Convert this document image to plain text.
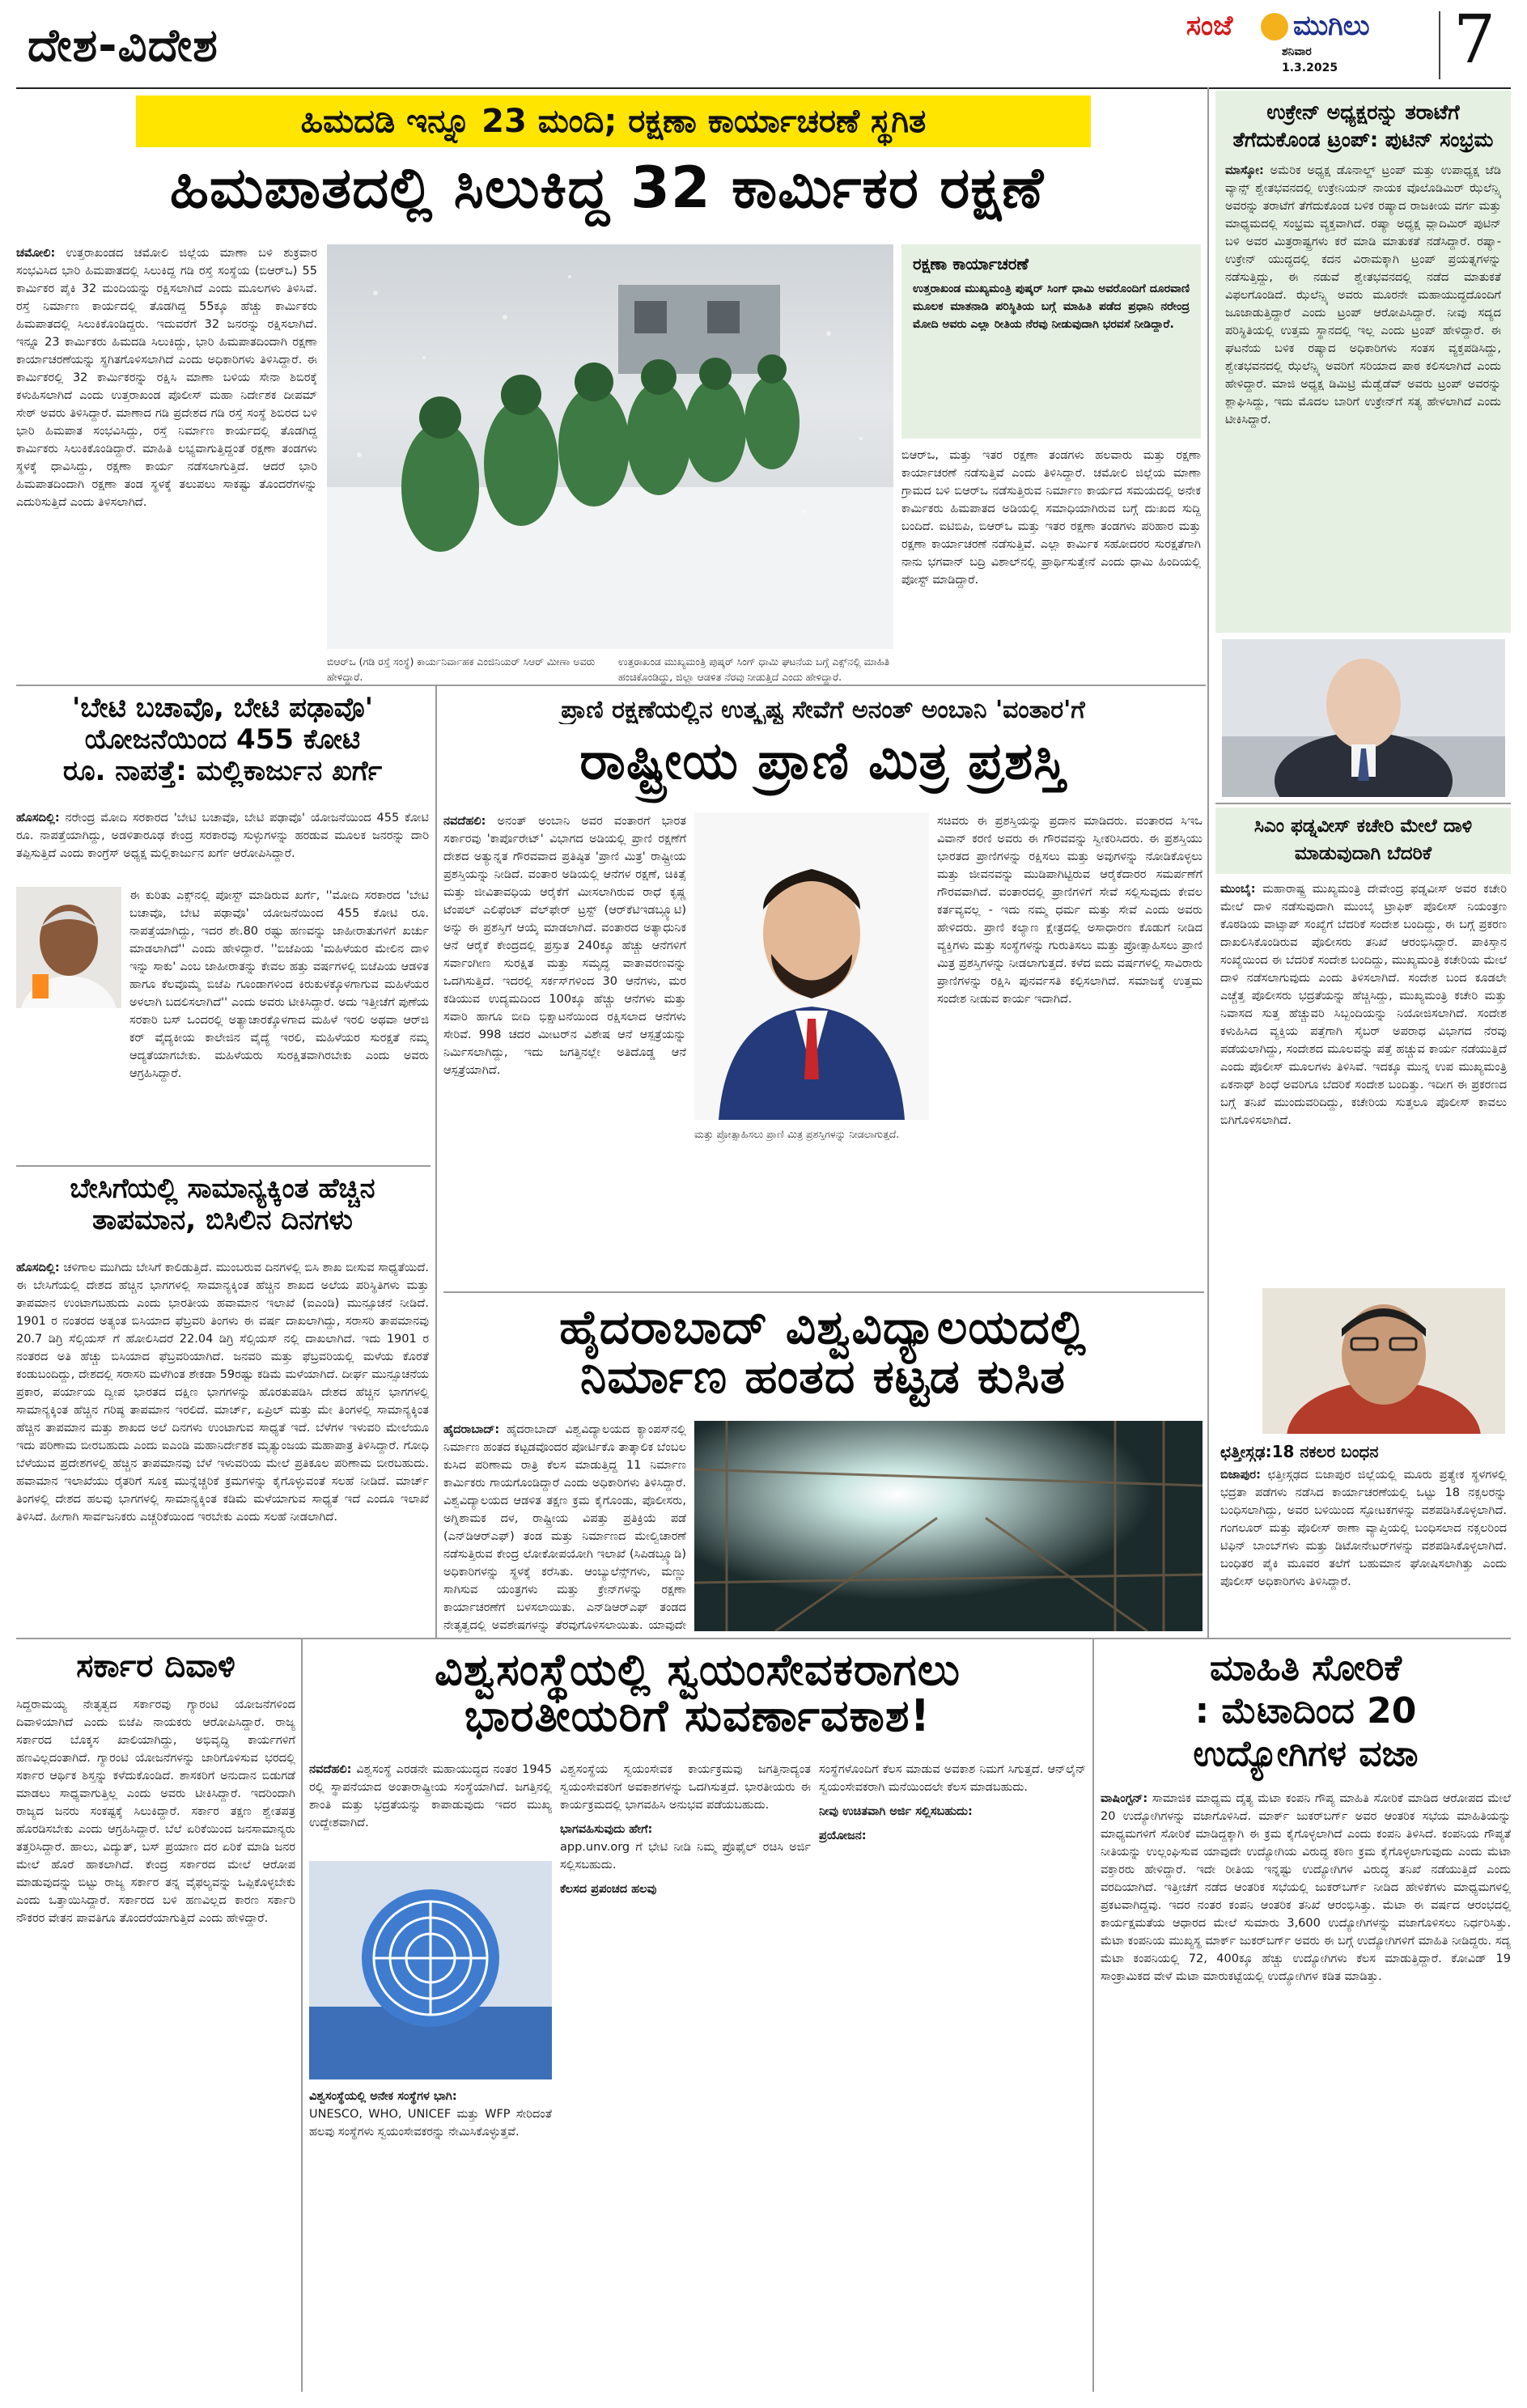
ದೇಶ-ವಿದೇಶ	ಸಂಜೆ ಮುಗಿಲು
ಶನಿವಾರ
1.3.2025 7
ಹಿಮದಡಿ ಇನ್ನೂ 23 ಮಂದಿ; ರಕ್ಷಣಾ ಕಾರ್ಯಾಚರಣೆ ಸ್ಥಗಿತ
ಹಿಮಪಾತದಲ್ಲಿ ಸಿಲುಕಿದ್ದ 32 ಕಾರ್ಮಿಕರ ರಕ್ಷಣೆ
ಚಮೋಲಿ: ಉತ್ತರಾಖಂಡದ ಚಮೋಲಿ ಜಿಲ್ಲೆಯ ಮಾಣಾ ಬಳಿ ಶುಕ್ರವಾರ ಸಂಭವಿಸಿದ ಭಾರಿ ಹಿಮಪಾತದಲ್ಲಿ ಸಿಲುಕಿದ್ದ ಗಡಿ ರಸ್ತೆ ಸಂಸ್ಥೆಯ (ಬಿಆರ್‌ಒ) 55 ಕಾರ್ಮಿಕರ ಪೈಕಿ 32 ಮಂದಿಯನ್ನು ರಕ್ಷಿಸಲಾಗಿದೆ ಎಂದು ಮೂಲಗಳು ತಿಳಿಸಿವೆ. ರಸ್ತೆ ನಿರ್ಮಾಣ ಕಾರ್ಯದಲ್ಲಿ ತೊಡಗಿದ್ದ 55ಕ್ಕೂ ಹೆಚ್ಚು ಕಾರ್ಮಿಕರು ಹಿಮಪಾತದಲ್ಲಿ ಸಿಲುಕಿಕೊಂಡಿದ್ದರು. ಇದುವರೆಗೆ 32 ಜನರನ್ನು ರಕ್ಷಿಸಲಾಗಿದೆ. ಇನ್ನೂ 23 ಕಾರ್ಮಿಕರು ಹಿಮದಡಿ ಸಿಲುಕಿದ್ದು, ಭಾರಿ ಹಿಮಪಾತದಿಂದಾಗಿ ರಕ್ಷಣಾ ಕಾರ್ಯಾಚರಣೆಯನ್ನು ಸ್ಥಗಿತಗೊಳಿಸಲಾಗಿದೆ ಎಂದು ಅಧಿಕಾರಿಗಳು ತಿಳಿಸಿದ್ದಾರೆ. ಈ ಕಾರ್ಮಿಕರಲ್ಲಿ 32 ಕಾರ್ಮಿಕರನ್ನು ರಕ್ಷಿಸಿ ಮಾಣಾ ಬಳಿಯ ಸೇನಾ ಶಿಬಿರಕ್ಕೆ ಕಳುಹಿಸಲಾಗಿದೆ ಎಂದು ಉತ್ತರಾಖಂಡ ಪೊಲೀಸ್ ಮಹಾ ನಿರ್ದೇಶಕ ದೀಪಮ್ ಸೇಠ್ ಅವರು ತಿಳಿಸಿದ್ದಾರೆ. ಮಾಣಾದ ಗಡಿ ಪ್ರದೇಶದ ಗಡಿ ರಸ್ತೆ ಸಂಸ್ಥೆ ಶಿಬಿರದ ಬಳಿ ಭಾರಿ ಹಿಮಪಾತ ಸಂಭವಿಸಿದ್ದು, ರಸ್ತೆ ನಿರ್ಮಾಣ ಕಾರ್ಯದಲ್ಲಿ ತೊಡಗಿದ್ದ ಕಾರ್ಮಿಕರು ಸಿಲುಕಿಕೊಂಡಿದ್ದಾರೆ. ಮಾಹಿತಿ ಲಭ್ಯವಾಗುತ್ತಿದ್ದಂತೆ ರಕ್ಷಣಾ ತಂಡಗಳು ಸ್ಥಳಕ್ಕೆ ಧಾವಿಸಿದ್ದು, ರಕ್ಷಣಾ ಕಾರ್ಯ ನಡೆಸಲಾಗುತ್ತಿದೆ. ಆದರೆ ಭಾರಿ ಹಿಮಪಾತದಿಂದಾಗಿ ರಕ್ಷಣಾ ತಂಡ ಸ್ಥಳಕ್ಕೆ ತಲುಪಲು ಸಾಕಷ್ಟು ತೊಂದರೆಗಳನ್ನು ಎದುರಿಸುತ್ತಿದೆ ಎಂದು ತಿಳಿಸಲಾಗಿದೆ.
ಬಿಆರ್‌ಒ (ಗಡಿ ರಸ್ತೆ ಸಂಸ್ಥೆ) ಕಾರ್ಯನಿರ್ವಾಹಕ ಎಂಜಿನಿಯರ್ ಸಿಆರ್ ಮೀಣಾ ಅವರು ಹೇಳಿದ್ದಾರೆ.
ಉತ್ತರಾಖಂಡ ಮುಖ್ಯಮಂತ್ರಿ ಪುಷ್ಕರ್ ಸಿಂಗ್ ಧಾಮಿ ಘಟನೆಯ ಬಗ್ಗೆ ಎಕ್ಸ್‌ನಲ್ಲಿ ಮಾಹಿತಿ ಹಂಚಿಕೊಂಡಿದ್ದು, ಜಿಲ್ಲಾ ಆಡಳಿತ ನೆರವು ನೀಡುತ್ತಿದೆ ಎಂದು ಹೇಳಿದ್ದಾರೆ.
ರಕ್ಷಣಾ ಕಾರ್ಯಾಚರಣೆ
ಉತ್ತರಾಖಂಡ ಮುಖ್ಯಮಂತ್ರಿ ಪುಷ್ಕರ್ ಸಿಂಗ್ ಧಾಮಿ ಅವರೊಂದಿಗೆ ದೂರವಾಣಿ ಮೂಲಕ ಮಾತನಾಡಿ ಪರಿಸ್ಥಿತಿಯ ಬಗ್ಗೆ ಮಾಹಿತಿ ಪಡೆದ ಪ್ರಧಾನಿ ನರೇಂದ್ರ ಮೋದಿ ಅವರು ಎಲ್ಲಾ ರೀತಿಯ ನೆರವು ನೀಡುವುದಾಗಿ ಭರವಸೆ ನೀಡಿದ್ದಾರೆ.
ಬಿಆರ್‌ಒ, ಮತ್ತು ಇತರ ರಕ್ಷಣಾ ತಂಡಗಳು ಹಲವಾರು ಮತ್ತು ರಕ್ಷಣಾ ಕಾರ್ಯಾಚರಣೆ ನಡೆಸುತ್ತಿವೆ ಎಂದು ತಿಳಿಸಿದ್ದಾರೆ. ಚಮೋಲಿ ಜಿಲ್ಲೆಯ ಮಾಣಾ ಗ್ರಾಮದ ಬಳಿ ಬಿಆರ್‌ಒ ನಡೆಸುತ್ತಿರುವ ನಿರ್ಮಾಣ ಕಾರ್ಯದ ಸಮಯದಲ್ಲಿ ಅನೇಕ ಕಾರ್ಮಿಕರು ಹಿಮಪಾತದ ಅಡಿಯಲ್ಲಿ ಸಮಾಧಿಯಾಗಿರುವ ಬಗ್ಗೆ ದುಃಖದ ಸುದ್ದಿ ಬಂದಿದೆ. ಐಟಿಬಿಪಿ, ಬಿಆರ್‌ಒ ಮತ್ತು ಇತರ ರಕ್ಷಣಾ ತಂಡಗಳು ಪರಿಹಾರ ಮತ್ತು ರಕ್ಷಣಾ ಕಾರ್ಯಾಚರಣೆ ನಡೆಸುತ್ತಿವೆ. ಎಲ್ಲಾ ಕಾರ್ಮಿಕ ಸಹೋದರರ ಸುರಕ್ಷತೆಗಾಗಿ ನಾನು ಭಗವಾನ್ ಬದ್ರಿ ವಿಶಾಲ್‌ನಲ್ಲಿ ಪ್ರಾರ್ಥಿಸುತ್ತೇನೆ ಎಂದು ಧಾಮಿ ಹಿಂದಿಯಲ್ಲಿ ಪೋಸ್ಟ್ ಮಾಡಿದ್ದಾರೆ.
ಉಕ್ರೇನ್ ಅಧ್ಯಕ್ಷರನ್ನು ತರಾಟೆಗೆ ತೆಗೆದುಕೊಂಡ ಟ್ರಂಪ್: ಪುಟಿನ್ ಸಂಭ್ರಮ
ಮಾಸ್ಕೋ: ಅಮೆರಿಕ ಅಧ್ಯಕ್ಷ ಡೊನಾಲ್ಡ್ ಟ್ರಂಪ್ ಮತ್ತು ಉಪಾಧ್ಯಕ್ಷ ಜೆಡಿ ವ್ಯಾನ್ಸ್ ಶ್ವೇತಭವನದಲ್ಲಿ ಉಕ್ರೇನಿಯನ್ ನಾಯಕ ವೊಲೊಡಿಮಿರ್ ಝೆಲೆನ್ಸ್ಕಿ ಅವರನ್ನು ತರಾಟೆಗೆ ತೆಗೆದುಕೊಂಡ ಬಳಿಕ ರಷ್ಯಾದ ರಾಜಕೀಯ ವರ್ಗ ಮತ್ತು ಮಾಧ್ಯಮದಲ್ಲಿ ಸಂಭ್ರಮ ವ್ಯಕ್ತವಾಗಿದೆ. ರಷ್ಯಾ ಅಧ್ಯಕ್ಷ ವ್ಲಾದಿಮಿರ್ ಪುಟಿನ್ ಬಳಿ ಅವರ ಮಿತ್ರರಾಷ್ಟ್ರಗಳು ಕರೆ ಮಾಡಿ ಮಾತುಕತೆ ನಡೆಸಿದ್ದಾರೆ. ರಷ್ಯಾ-ಉಕ್ರೇನ್ ಯುದ್ಧದಲ್ಲಿ ಕದನ ವಿರಾಮಕ್ಕಾಗಿ ಟ್ರಂಪ್ ಪ್ರಯತ್ನಗಳನ್ನು ನಡೆಸುತ್ತಿದ್ದು, ಈ ನಡುವೆ ಶ್ವೇತಭವನದಲ್ಲಿ ನಡೆದ ಮಾತುಕತೆ ವಿಫಲಗೊಂಡಿದೆ. ಝೆಲೆನ್ಸ್ಕಿ ಅವರು ಮೂರನೇ ಮಹಾಯುದ್ಧದೊಂದಿಗೆ ಜೂಜಾಡುತ್ತಿದ್ದಾರೆ ಎಂದು ಟ್ರಂಪ್ ಆರೋಪಿಸಿದ್ದಾರೆ. ನೀವು ಸದ್ಯದ ಪರಿಸ್ಥಿತಿಯಲ್ಲಿ ಉತ್ತಮ ಸ್ಥಾನದಲ್ಲಿ ಇಲ್ಲ ಎಂದು ಟ್ರಂಪ್ ಹೇಳಿದ್ದಾರೆ. ಈ ಘಟನೆಯ ಬಳಿಕ ರಷ್ಯಾದ ಅಧಿಕಾರಿಗಳು ಸಂತಸ ವ್ಯಕ್ತಪಡಿಸಿದ್ದು, ಶ್ವೇತಭವನದಲ್ಲಿ ಝೆಲೆನ್ಸ್ಕಿ ಅವರಿಗೆ ಸರಿಯಾದ ಪಾಠ ಕಲಿಸಲಾಗಿದೆ ಎಂದು ಹೇಳಿದ್ದಾರೆ. ಮಾಜಿ ಅಧ್ಯಕ್ಷ ಡಿಮಿಟ್ರಿ ಮೆಡ್ವೆಡೆವ್ ಅವರು ಟ್ರಂಪ್ ಅವರನ್ನು ಶ್ಲಾಘಿಸಿದ್ದು, ಇದು ಮೊದಲ ಬಾರಿಗೆ ಉಕ್ರೇನ್‌ಗೆ ಸತ್ಯ ಹೇಳಲಾಗಿದೆ ಎಂದು ಟೀಕಿಸಿದ್ದಾರೆ.
ಸಿಎಂ ಫಡ್ನವೀಸ್ ಕಚೇರಿ ಮೇಲೆ ದಾಳಿ ಮಾಡುವುದಾಗಿ ಬೆದರಿಕೆ
ಮುಂಬೈ: ಮಹಾರಾಷ್ಟ್ರ ಮುಖ್ಯಮಂತ್ರಿ ದೇವೇಂದ್ರ ಫಡ್ನವೀಸ್ ಅವರ ಕಚೇರಿ ಮೇಲೆ ದಾಳಿ ನಡೆಸುವುದಾಗಿ ಮುಂಬೈ ಟ್ರಾಫಿಕ್ ಪೊಲೀಸ್ ನಿಯಂತ್ರಣ ಕೊಠಡಿಯ ವಾಟ್ಸಾಪ್ ಸಂಖ್ಯೆಗೆ ಬೆದರಿಕೆ ಸಂದೇಶ ಬಂದಿದ್ದು, ಈ ಬಗ್ಗೆ ಪ್ರಕರಣ ದಾಖಲಿಸಿಕೊಂಡಿರುವ ಪೊಲೀಸರು ತನಿಖೆ ಆರಂಭಿಸಿದ್ದಾರೆ. ಪಾಕಿಸ್ತಾನ ಸಂಖ್ಯೆಯಿಂದ ಈ ಬೆದರಿಕೆ ಸಂದೇಶ ಬಂದಿದ್ದು, ಮುಖ್ಯಮಂತ್ರಿ ಕಚೇರಿಯ ಮೇಲೆ ದಾಳಿ ನಡೆಸಲಾಗುವುದು ಎಂದು ತಿಳಿಸಲಾಗಿದೆ. ಸಂದೇಶ ಬಂದ ಕೂಡಲೇ ಎಚ್ಚೆತ್ತ ಪೊಲೀಸರು ಭದ್ರತೆಯನ್ನು ಹೆಚ್ಚಿಸಿದ್ದು, ಮುಖ್ಯಮಂತ್ರಿ ಕಚೇರಿ ಮತ್ತು ನಿವಾಸದ ಸುತ್ತ ಹೆಚ್ಚುವರಿ ಸಿಬ್ಬಂದಿಯನ್ನು ನಿಯೋಜಿಸಲಾಗಿದೆ. ಸಂದೇಶ ಕಳುಹಿಸಿದ ವ್ಯಕ್ತಿಯ ಪತ್ತೆಗಾಗಿ ಸೈಬರ್ ಅಪರಾಧ ವಿಭಾಗದ ನೆರವು ಪಡೆಯಲಾಗಿದ್ದು, ಸಂದೇಶದ ಮೂಲವನ್ನು ಪತ್ತೆ ಹಚ್ಚುವ ಕಾರ್ಯ ನಡೆಯುತ್ತಿದೆ ಎಂದು ಪೊಲೀಸ್ ಮೂಲಗಳು ತಿಳಿಸಿವೆ. ಇದಕ್ಕೂ ಮುನ್ನ ಉಪ ಮುಖ್ಯಮಂತ್ರಿ ಏಕನಾಥ್ ಶಿಂಧೆ ಅವರಿಗೂ ಬೆದರಿಕೆ ಸಂದೇಶ ಬಂದಿತ್ತು. ಇದೀಗ ಈ ಪ್ರಕರಣದ ಬಗ್ಗೆ ತನಿಖೆ ಮುಂದುವರಿದಿದ್ದು, ಕಚೇರಿಯ ಸುತ್ತಲೂ ಪೊಲೀಸ್ ಕಾವಲು ಬಿಗಿಗೊಳಿಸಲಾಗಿದೆ.
ಛತ್ತೀಸ್ಗಢ:18 ನಕಲರ ಬಂಧನ
ಬಿಜಾಪುರ: ಛತ್ತೀಸ್ಗಢದ ಬಿಜಾಪುರ ಜಿಲ್ಲೆಯಲ್ಲಿ ಮೂರು ಪ್ರತ್ಯೇಕ ಸ್ಥಳಗಳಲ್ಲಿ ಭದ್ರತಾ ಪಡೆಗಳು ನಡೆಸಿದ ಕಾರ್ಯಾಚರಣೆಯಲ್ಲಿ ಒಟ್ಟು 18 ನಕ್ಸಲರನ್ನು ಬಂಧಿಸಲಾಗಿದ್ದು, ಅವರ ಬಳಿಯಿಂದ ಸ್ಫೋಟಕಗಳನ್ನು ವಶಪಡಿಸಿಕೊಳ್ಳಲಾಗಿದೆ. ಗಂಗಲೂರ್ ಮತ್ತು ಪೊಲೀಸ್ ಠಾಣಾ ವ್ಯಾಪ್ತಿಯಲ್ಲಿ ಬಂಧಿಸಲಾದ ನಕ್ಸಲರಿಂದ ಟಿಫಿನ್ ಬಾಂಬ್‌ಗಳು ಮತ್ತು ಡಿಟೋನೇಟರ್‌ಗಳನ್ನು ವಶಪಡಿಸಿಕೊಳ್ಳಲಾಗಿದೆ. ಬಂಧಿತರ ಪೈಕಿ ಮೂವರ ತಲೆಗೆ ಬಹುಮಾನ ಘೋಷಿಸಲಾಗಿತ್ತು ಎಂದು ಪೊಲೀಸ್ ಅಧಿಕಾರಿಗಳು ತಿಳಿಸಿದ್ದಾರೆ.
'ಬೇಟಿ ಬಚಾವೊ, ಬೇಟಿ ಪಢಾವೊ'
ಯೋಜನೆಯಿಂದ 455 ಕೋಟಿ
ರೂ. ನಾಪತ್ತೆ: ಮಲ್ಲಿಕಾರ್ಜುನ ಖರ್ಗೆ
ಹೊಸದಿಲ್ಲಿ: ನರೇಂದ್ರ ಮೋದಿ ಸರಕಾರದ 'ಬೇಟಿ ಬಚಾವೊ, ಬೇಟಿ ಪಢಾವೊ' ಯೋಜನೆಯಿಂದ 455 ಕೋಟಿ ರೂ. ನಾಪತ್ತೆಯಾಗಿದ್ದು, ಅಡಳಿತಾರೂಢ ಕೇಂದ್ರ ಸರಕಾರವು ಸುಳ್ಳುಗಳನ್ನು ಹರಡುವ ಮೂಲಕ ಜನರನ್ನು ದಾರಿ ತಪ್ಪಿಸುತ್ತಿದೆ ಎಂದು ಕಾಂಗ್ರೆಸ್ ಅಧ್ಯಕ್ಷ ಮಲ್ಲಿಕಾರ್ಜುನ ಖರ್ಗೆ ಆರೋಪಿಸಿದ್ದಾರೆ.
ಈ ಕುರಿತು ಎಕ್ಸ್‌ನಲ್ಲಿ ಪೋಸ್ಟ್ ಮಾಡಿರುವ ಖರ್ಗೆ, ''ಮೋದಿ ಸರಕಾರದ 'ಬೇಟಿ ಬಚಾವೊ, ಬೇಟಿ ಪಢಾವೊ' ಯೋಜನೆಯಿಂದ 455 ಕೋಟಿ ರೂ. ನಾಪತ್ತೆಯಾಗಿದ್ದು, ಇದರ ಶೇ.80 ರಷ್ಟು ಹಣವನ್ನು ಜಾಹೀರಾತುಗಳಿಗೆ ಖರ್ಚು ಮಾಡಲಾಗಿದೆ'' ಎಂದು ಹೇಳಿದ್ದಾರೆ. ''ಬಿಜೆಪಿಯ 'ಮಹಿಳೆಯರ ಮೇಲಿನ ದಾಳಿ ಇನ್ನು ಸಾಕು' ಎಂಬ ಜಾಹೀರಾತನ್ನು ಕೇವಲ ಹತ್ತು ವರ್ಷಗಳಲ್ಲಿ ಬಿಜೆಪಿಯ ಆಡಳಿತ ಹಾಗೂ ಕೆಲವೊಮ್ಮೆ ಬಿಜೆಪಿ ಗೂಂಡಾಗಳಿಂದ ಕಿರುಕುಳಕ್ಕೊಳಗಾಗುವ ಮಹಿಳೆಯರ ಅಳಲಾಗಿ ಬದಲಿಸಲಾಗಿದೆ'' ಎಂದು ಅವರು ಟೀಕಿಸಿದ್ದಾರೆ. ಅದು ಇತ್ತೀಚೆಗೆ ಪುಣೆಯ ಸರಕಾರಿ ಬಸ್ ಒಂದರಲ್ಲಿ ಅತ್ಯಾಚಾರಕ್ಕೊಳಗಾದ ಮಹಿಳೆ ಇರಲಿ ಅಥವಾ ಆರ್‌ಜಿ ಕರ್ ವೈದ್ಯಕೀಯ ಕಾಲೇಜಿನ ವೈದ್ಯೆ ಇರಲಿ, ಮಹಿಳೆಯರ ಸುರಕ್ಷತೆ ನಮ್ಮ ಆದ್ಯತೆಯಾಗಬೇಕು. ಮಹಿಳೆಯರು ಸುರಕ್ಷಿತವಾಗಿರಬೇಕು ಎಂದು ಅವರು ಆಗ್ರಹಿಸಿದ್ದಾರೆ.
ಬೇಸಿಗೆಯಲ್ಲಿ ಸಾಮಾನ್ಯಕ್ಕಿಂತ ಹೆಚ್ಚಿನ
ತಾಪಮಾನ, ಬಿಸಿಲಿನ ದಿನಗಳು
ಹೊಸದಿಲ್ಲಿ: ಚಳಿಗಾಲ ಮುಗಿದು ಬೇಸಿಗೆ ಕಾಲಿಡುತ್ತಿದೆ. ಮುಂಬರುವ ದಿನಗಳಲ್ಲಿ ಬಿಸಿ ಶಾಖ ಬೀಸುವ ಸಾಧ್ಯತೆಯಿದೆ. ಈ ಬೇಸಿಗೆಯಲ್ಲಿ ದೇಶದ ಹೆಚ್ಚಿನ ಭಾಗಗಳಲ್ಲಿ ಸಾಮಾನ್ಯಕ್ಕಿಂತ ಹೆಚ್ಚಿನ ಶಾಖದ ಅಲೆಯ ಪರಿಸ್ಥಿತಿಗಳು ಮತ್ತು ತಾಪಮಾನ ಉಂಟಾಗಬಹುದು ಎಂದು ಭಾರತೀಯ ಹವಾಮಾನ ಇಲಾಖೆ (ಐಎಂಡಿ) ಮುನ್ಸೂಚನೆ ನೀಡಿದೆ. 1901 ರ ನಂತರದ ಅತ್ಯಂತ ಬಿಸಿಯಾದ ಫೆಬ್ರವರಿ ತಿಂಗಳು ಈ ವರ್ಷ ದಾಖಲಾಗಿದ್ದು, ಸರಾಸರಿ ತಾಪಮಾನವು 20.7 ಡಿಗ್ರಿ ಸೆಲ್ಸಿಯಸ್ ಗೆ ಹೋಲಿಸಿದರೆ 22.04 ಡಿಗ್ರಿ ಸೆಲ್ಸಿಯಸ್ ನಲ್ಲಿ ದಾಖಲಾಗಿದೆ. ಇದು 1901 ರ ನಂತರದ ಅತಿ ಹೆಚ್ಚು ಬಿಸಿಯಾದ ಫೆಬ್ರವರಿಯಾಗಿದೆ. ಜನವರಿ ಮತ್ತು ಫೆಬ್ರವರಿಯಲ್ಲಿ ಮಳೆಯ ಕೊರತೆ ಕಂಡುಬಂದಿದ್ದು, ದೇಶದಲ್ಲಿ ಸರಾಸರಿ ಮಳೆಗಿಂತ ಶೇಕಡಾ 59ರಷ್ಟು ಕಡಿಮೆ ಮಳೆಯಾಗಿದೆ. ದೀರ್ಘ ಮುನ್ಸೂಚನೆಯ ಪ್ರಕಾರ, ಪರ್ಯಾಯ ದ್ವೀಪ ಭಾರತದ ದಕ್ಷಿಣ ಭಾಗಗಳನ್ನು ಹೊರತುಪಡಿಸಿ ದೇಶದ ಹೆಚ್ಚಿನ ಭಾಗಗಳಲ್ಲಿ ಸಾಮಾನ್ಯಕ್ಕಿಂತ ಹೆಚ್ಚಿನ ಗರಿಷ್ಠ ತಾಪಮಾನ ಇರಲಿದೆ. ಮಾರ್ಚ್, ಏಪ್ರಿಲ್ ಮತ್ತು ಮೇ ತಿಂಗಳಲ್ಲಿ ಸಾಮಾನ್ಯಕ್ಕಿಂತ ಹೆಚ್ಚಿನ ತಾಪಮಾನ ಮತ್ತು ಶಾಖದ ಅಲೆ ದಿನಗಳು ಉಂಟಾಗುವ ಸಾಧ್ಯತೆ ಇದೆ. ಬೆಳೆಗಳ ಇಳುವರಿ ಮೇಲೆಯೂ ಇದು ಪರಿಣಾಮ ಬೀರಬಹುದು ಎಂದು ಐಎಂಡಿ ಮಹಾನಿರ್ದೇಶಕ ಮೃತ್ಯುಂಜಯ ಮಹಾಪಾತ್ರ ತಿಳಿಸಿದ್ದಾರೆ. ಗೋಧಿ ಬೆಳೆಯುವ ಪ್ರದೇಶಗಳಲ್ಲಿ ಹೆಚ್ಚಿನ ತಾಪಮಾನವು ಬೆಳೆ ಇಳುವರಿಯ ಮೇಲೆ ಪ್ರತಿಕೂಲ ಪರಿಣಾಮ ಬೀರಬಹುದು. ಹವಾಮಾನ ಇಲಾಖೆಯು ರೈತರಿಗೆ ಸೂಕ್ತ ಮುನ್ನೆಚ್ಚರಿಕೆ ಕ್ರಮಗಳನ್ನು ಕೈಗೊಳ್ಳುವಂತೆ ಸಲಹೆ ನೀಡಿದೆ. ಮಾರ್ಚ್ ತಿಂಗಳಲ್ಲಿ ದೇಶದ ಹಲವು ಭಾಗಗಳಲ್ಲಿ ಸಾಮಾನ್ಯಕ್ಕಿಂತ ಕಡಿಮೆ ಮಳೆಯಾಗುವ ಸಾಧ್ಯತೆ ಇದೆ ಎಂದೂ ಇಲಾಖೆ ತಿಳಿಸಿದೆ. ಹೀಗಾಗಿ ಸಾರ್ವಜನಿಕರು ಎಚ್ಚರಿಕೆಯಿಂದ ಇರಬೇಕು ಎಂದು ಸಲಹೆ ನೀಡಲಾಗಿದೆ.
ಪ್ರಾಣಿ ರಕ್ಷಣೆಯಲ್ಲಿನ ಉತ್ಕೃಷ್ಟ ಸೇವೆಗೆ ಅನಂತ್ ಅಂಬಾನಿ 'ವಂತಾರ'ಗೆ
ರಾಷ್ಟ್ರೀಯ ಪ್ರಾಣಿ ಮಿತ್ರ ಪ್ರಶಸ್ತಿ
ನವದೆಹಲಿ: ಅನಂತ್ ಅಂಬಾನಿ ಅವರ ವಂತಾರಗೆ ಭಾರತ ಸರ್ಕಾರವು 'ಕಾರ್ಪೊರೇಟ್' ವಿಭಾಗದ ಅಡಿಯಲ್ಲಿ ಪ್ರಾಣಿ ರಕ್ಷಣೆಗೆ ದೇಶದ ಅತ್ಯುನ್ನತ ಗೌರವವಾದ ಪ್ರತಿಷ್ಠಿತ 'ಪ್ರಾಣಿ ಮಿತ್ರ' ರಾಷ್ಟ್ರೀಯ ಪ್ರಶಸ್ತಿಯನ್ನು ನೀಡಿದೆ. ವಂತಾರ ಅಡಿಯಲ್ಲಿ ಆನೆಗಳ ರಕ್ಷಣೆ, ಚಿಕಿತ್ಸೆ ಮತ್ತು ಜೀವಿತಾವಧಿಯ ಆರೈಕೆಗೆ ಮೀಸಲಾಗಿರುವ ರಾಧೆ ಕೃಷ್ಣ ಟೆಂಪಲ್ ಎಲಿಫೆಂಟ್ ವೆಲ್‌ಫೇರ್ ಟ್ರಸ್ಟ್ (ಆರ್‌ಕೆಟಿಇಡಬ್ಲ್ಯೂಟಿ) ಅನ್ನು ಈ ಪ್ರಶಸ್ತಿಗೆ ಆಯ್ಕೆ ಮಾಡಲಾಗಿದೆ. ವಂತಾರದ ಅತ್ಯಾಧುನಿಕ ಆನೆ ಆರೈಕೆ ಕೇಂದ್ರದಲ್ಲಿ ಪ್ರಸ್ತುತ 240ಕ್ಕೂ ಹೆಚ್ಚು ಆನೆಗಳಿಗೆ ಸರ್ವಾಂಗೀಣ ಸುರಕ್ಷಿತ ಮತ್ತು ಸಮೃದ್ಧ ವಾತಾವರಣವನ್ನು ಒದಗಿಸುತ್ತಿದೆ. ಇದರಲ್ಲಿ ಸರ್ಕಸ್‌ಗಳಿಂದ 30 ಆನೆಗಳು, ಮರ ಕಡಿಯುವ ಉದ್ಯಮದಿಂದ 100ಕ್ಕೂ ಹೆಚ್ಚು ಆನೆಗಳು ಮತ್ತು ಸವಾರಿ ಹಾಗೂ ಬೀದಿ ಭಿಕ್ಷಾಟನೆಯಿಂದ ರಕ್ಷಿಸಲಾದ ಆನೆಗಳು ಸೇರಿವೆ. 998 ಚದರ ಮೀಟರ್‌ನ ವಿಶೇಷ ಆನೆ ಆಸ್ಪತ್ರೆಯನ್ನು ನಿರ್ಮಿಸಲಾಗಿದ್ದು, ಇದು ಜಗತ್ತಿನಲ್ಲೇ ಅತಿದೊಡ್ಡ ಆನೆ ಆಸ್ಪತ್ರೆಯಾಗಿದೆ.
ಮತ್ತು ಪ್ರೋತ್ಸಾಹಿಸಲು ಪ್ರಾಣಿ ಮಿತ್ರ ಪ್ರಶಸ್ತಿಗಳನ್ನು ನೀಡಲಾಗುತ್ತದೆ.
ಸಚಿವರು ಈ ಪ್ರಶಸ್ತಿಯನ್ನು ಪ್ರದಾನ ಮಾಡಿದರು. ವಂತಾರದ ಸಿಇಒ ವಿವಾನ್ ಕರಣಿ ಅವರು ಈ ಗೌರವವನ್ನು ಸ್ವೀಕರಿಸಿದರು. ಈ ಪ್ರಶಸ್ತಿಯು ಭಾರತದ ಪ್ರಾಣಿಗಳನ್ನು ರಕ್ಷಿಸಲು ಮತ್ತು ಅವುಗಳನ್ನು ನೋಡಿಕೊಳ್ಳಲು ಮತ್ತು ಜೀವನವನ್ನು ಮುಡಿಪಾಗಿಟ್ಟಿರುವ ಆರೈಕೆದಾರರ ಸಮರ್ಪಣೆಗೆ ಗೌರವವಾಗಿದೆ. ವಂತಾರದಲ್ಲಿ ಪ್ರಾಣಿಗಳಿಗೆ ಸೇವೆ ಸಲ್ಲಿಸುವುದು ಕೇವಲ ಕರ್ತವ್ಯವಲ್ಲ - ಇದು ನಮ್ಮ ಧರ್ಮ ಮತ್ತು ಸೇವೆ ಎಂದು ಅವರು ಹೇಳಿದರು. ಪ್ರಾಣಿ ಕಲ್ಯಾಣ ಕ್ಷೇತ್ರದಲ್ಲಿ ಅಸಾಧಾರಣ ಕೊಡುಗೆ ನೀಡಿದ ವ್ಯಕ್ತಿಗಳು ಮತ್ತು ಸಂಸ್ಥೆಗಳನ್ನು ಗುರುತಿಸಲು ಮತ್ತು ಪ್ರೋತ್ಸಾಹಿಸಲು ಪ್ರಾಣಿ ಮಿತ್ರ ಪ್ರಶಸ್ತಿಗಳನ್ನು ನೀಡಲಾಗುತ್ತದೆ. ಕಳೆದ ಐದು ವರ್ಷಗಳಲ್ಲಿ ಸಾವಿರಾರು ಪ್ರಾಣಿಗಳನ್ನು ರಕ್ಷಿಸಿ ಪುನರ್ವಸತಿ ಕಲ್ಪಿಸಲಾಗಿದೆ. ಸಮಾಜಕ್ಕೆ ಉತ್ತಮ ಸಂದೇಶ ನೀಡುವ ಕಾರ್ಯ ಇದಾಗಿದೆ.
ಹೈದರಾಬಾದ್ ವಿಶ್ವವಿದ್ಯಾಲಯದಲ್ಲಿ
ನಿರ್ಮಾಣ ಹಂತದ ಕಟ್ಟಡ ಕುಸಿತ
ಹೈದರಾಬಾದ್: ಹೈದರಾಬಾದ್ ವಿಶ್ವವಿದ್ಯಾಲಯದ ಕ್ಯಾಂಪಸ್‌ನಲ್ಲಿ ನಿರ್ಮಾಣ ಹಂತದ ಕಟ್ಟಡವೊಂದರ ಪೋರ್ಟಿಕೊ ತಾತ್ಕಾಲಿಕ ಬೆಂಬಲ ಕುಸಿದ ಪರಿಣಾಮ ರಾತ್ರಿ ಕೆಲಸ ಮಾಡುತ್ತಿದ್ದ 11 ನಿರ್ಮಾಣ ಕಾರ್ಮಿಕರು ಗಾಯಗೊಂಡಿದ್ದಾರೆ ಎಂದು ಅಧಿಕಾರಿಗಳು ತಿಳಿಸಿದ್ದಾರೆ. ವಿಶ್ವವಿದ್ಯಾಲಯದ ಆಡಳಿತ ತಕ್ಷಣ ಕ್ರಮ ಕೈಗೊಂಡು, ಪೊಲೀಸರು, ಅಗ್ನಿಶಾಮಕ ದಳ, ರಾಷ್ಟ್ರೀಯ ವಿಪತ್ತು ಪ್ರತಿಕ್ರಿಯೆ ಪಡೆ (ಎನ್‌ಡಿಆರ್‌ಎಫ್) ತಂಡ ಮತ್ತು ನಿರ್ಮಾಣದ ಮೇಲ್ವಿಚಾರಣೆ ನಡೆಸುತ್ತಿರುವ ಕೇಂದ್ರ ಲೋಕೋಪಯೋಗಿ ಇಲಾಖೆ (ಸಿಪಿಡಬ್ಲ್ಯೂಡಿ) ಅಧಿಕಾರಿಗಳನ್ನು ಸ್ಥಳಕ್ಕೆ ಕರೆಸಿತು. ಆಂಬ್ಯುಲೆನ್ಸ್‌ಗಳು, ಮಣ್ಣು ಸಾಗಿಸುವ ಯಂತ್ರಗಳು ಮತ್ತು ಕ್ರೇನ್‌ಗಳನ್ನು ರಕ್ಷಣಾ ಕಾರ್ಯಾಚರಣೆಗೆ ಬಳಸಲಾಯಿತು. ಎನ್‌ಡಿಆರ್‌ಎಫ್ ತಂಡದ ನೇತೃತ್ವದಲ್ಲಿ ಅವಶೇಷಗಳನ್ನು ತೆರವುಗೊಳಿಸಲಾಯಿತು. ಯಾವುದೇ
ಸರ್ಕಾರ ದಿವಾಳಿ
ಸಿದ್ದರಾಮಯ್ಯ ನೇತೃತ್ವದ ಸರ್ಕಾರವು ಗ್ಯಾರಂಟಿ ಯೋಜನೆಗಳಿಂದ ದಿವಾಳಿಯಾಗಿದೆ ಎಂದು ಬಿಜೆಪಿ ನಾಯಕರು ಆರೋಪಿಸಿದ್ದಾರೆ. ರಾಜ್ಯ ಸರ್ಕಾರದ ಬೊಕ್ಕಸ ಖಾಲಿಯಾಗಿದ್ದು, ಅಭಿವೃದ್ಧಿ ಕಾರ್ಯಗಳಿಗೆ ಹಣವಿಲ್ಲದಂತಾಗಿದೆ. ಗ್ಯಾರಂಟಿ ಯೋಜನೆಗಳನ್ನು ಜಾರಿಗೊಳಿಸುವ ಭರದಲ್ಲಿ ಸರ್ಕಾರ ಆರ್ಥಿಕ ಶಿಸ್ತನ್ನು ಕಳೆದುಕೊಂಡಿದೆ. ಶಾಸಕರಿಗೆ ಅನುದಾನ ಬಿಡುಗಡೆ ಮಾಡಲು ಸಾಧ್ಯವಾಗುತ್ತಿಲ್ಲ ಎಂದು ಅವರು ಟೀಕಿಸಿದ್ದಾರೆ. ಇದರಿಂದಾಗಿ ರಾಜ್ಯದ ಜನರು ಸಂಕಷ್ಟಕ್ಕೆ ಸಿಲುಕಿದ್ದಾರೆ. ಸರ್ಕಾರ ತಕ್ಷಣ ಶ್ವೇತಪತ್ರ ಹೊರಡಿಸಬೇಕು ಎಂದು ಆಗ್ರಹಿಸಿದ್ದಾರೆ. ಬೆಲೆ ಏರಿಕೆಯಿಂದ ಜನಸಾಮಾನ್ಯರು ತತ್ತರಿಸಿದ್ದಾರೆ. ಹಾಲು, ವಿದ್ಯುತ್, ಬಸ್ ಪ್ರಯಾಣ ದರ ಏರಿಕೆ ಮಾಡಿ ಜನರ ಮೇಲೆ ಹೊರೆ ಹಾಕಲಾಗಿದೆ. ಕೇಂದ್ರ ಸರ್ಕಾರದ ಮೇಲೆ ಆರೋಪ ಮಾಡುವುದನ್ನು ಬಿಟ್ಟು ರಾಜ್ಯ ಸರ್ಕಾರ ತನ್ನ ವೈಫಲ್ಯವನ್ನು ಒಪ್ಪಿಕೊಳ್ಳಬೇಕು ಎಂದು ಒತ್ತಾಯಿಸಿದ್ದಾರೆ. ಸರ್ಕಾರದ ಬಳಿ ಹಣವಿಲ್ಲದ ಕಾರಣ ಸರ್ಕಾರಿ ನೌಕರರ ವೇತನ ಪಾವತಿಗೂ ತೊಂದರೆಯಾಗುತ್ತಿದೆ ಎಂದು ಹೇಳಿದ್ದಾರೆ.
ವಿಶ್ವಸಂಸ್ಥೆಯಲ್ಲಿ ಸ್ವಯಂಸೇವಕರಾಗಲು
ಭಾರತೀಯರಿಗೆ ಸುವರ್ಣಾವಕಾಶ!
ನವದೆಹಲಿ: ವಿಶ್ವಸಂಸ್ಥೆ ಎರಡನೇ ಮಹಾಯುದ್ಧದ ನಂತರ 1945 ರಲ್ಲಿ ಸ್ಥಾಪನೆಯಾದ ಅಂತಾರಾಷ್ಟ್ರೀಯ ಸಂಸ್ಥೆಯಾಗಿದೆ. ಜಗತ್ತಿನಲ್ಲಿ ಶಾಂತಿ ಮತ್ತು ಭದ್ರತೆಯನ್ನು ಕಾಪಾಡುವುದು ಇದರ ಮುಖ್ಯ ಉದ್ದೇಶವಾಗಿದೆ.
ವಿಶ್ವಸಂಸ್ಥೆಯಲ್ಲಿ ಅನೇಕ ಸಂಸ್ಥೆಗಳ ಭಾಗಿ:
UNESCO, WHO, UNICEF ಮತ್ತು WFP ಸೇರಿದಂತೆ ಹಲವು ಸಂಸ್ಥೆಗಳು ಸ್ವಯಂಸೇವಕರನ್ನು ನೇಮಿಸಿಕೊಳ್ಳುತ್ತವೆ.
ವಿಶ್ವಸಂಸ್ಥೆಯ ಸ್ವಯಂಸೇವಕ ಕಾರ್ಯಕ್ರಮವು ಜಗತ್ತಿನಾದ್ಯಂತ ಸ್ವಯಂಸೇವಕರಿಗೆ ಅವಕಾಶಗಳನ್ನು ಒದಗಿಸುತ್ತದೆ. ಭಾರತೀಯರು ಈ ಕಾರ್ಯಕ್ರಮದಲ್ಲಿ ಭಾಗವಹಿಸಿ ಅನುಭವ ಪಡೆಯಬಹುದು.
ಭಾಗವಹಿಸುವುದು ಹೇಗೆ:
app.unv.org ಗೆ ಭೇಟಿ ನೀಡಿ ನಿಮ್ಮ ಪ್ರೊಫೈಲ್ ರಚಿಸಿ ಅರ್ಜಿ ಸಲ್ಲಿಸಬಹುದು.
ಕೆಲಸದ ಪ್ರಪಂಚದ ಹಲವು
ಸಂಸ್ಥೆಗಳೊಂದಿಗೆ ಕೆಲಸ ಮಾಡುವ ಅವಕಾಶ ನಿಮಗೆ ಸಿಗುತ್ತದೆ. ಆನ್‌ಲೈನ್ ಸ್ವಯಂಸೇವಕರಾಗಿ ಮನೆಯಿಂದಲೇ ಕೆಲಸ ಮಾಡಬಹುದು.
ನೀವು ಉಚಿತವಾಗಿ ಅರ್ಜಿ ಸಲ್ಲಿಸಬಹುದು:
ಪ್ರಯೋಜನ:
ಮಾಹಿತಿ ಸೋರಿಕೆ
: ಮೆಟಾದಿಂದ 20
ಉದ್ಯೋಗಿಗಳ ವಜಾ
ವಾಷಿಂಗ್ಟನ್: ಸಾಮಾಜಿಕ ಮಾಧ್ಯಮ ದೈತ್ಯ ಮೆಟಾ ಕಂಪನಿ ಗೌಪ್ಯ ಮಾಹಿತಿ ಸೋರಿಕೆ ಮಾಡಿದ ಆರೋಪದ ಮೇಲೆ 20 ಉದ್ಯೋಗಿಗಳನ್ನು ವಜಾಗೊಳಿಸಿದೆ. ಮಾರ್ಕ್ ಜುಕರ್‌ಬರ್ಗ್ ಅವರ ಆಂತರಿಕ ಸಭೆಯ ಮಾಹಿತಿಯನ್ನು ಮಾಧ್ಯಮಗಳಿಗೆ ಸೋರಿಕೆ ಮಾಡಿದ್ದಕ್ಕಾಗಿ ಈ ಕ್ರಮ ಕೈಗೊಳ್ಳಲಾಗಿದೆ ಎಂದು ಕಂಪನಿ ತಿಳಿಸಿದೆ. ಕಂಪನಿಯ ಗೌಪ್ಯತೆ ನೀತಿಯನ್ನು ಉಲ್ಲಂಘಿಸುವ ಯಾವುದೇ ಉದ್ಯೋಗಿಯ ವಿರುದ್ಧ ಕಠಿಣ ಕ್ರಮ ಕೈಗೊಳ್ಳಲಾಗುವುದು ಎಂದು ಮೆಟಾ ವಕ್ತಾರರು ಹೇಳಿದ್ದಾರೆ. ಇದೇ ರೀತಿಯ ಇನ್ನಷ್ಟು ಉದ್ಯೋಗಿಗಳ ವಿರುದ್ಧ ತನಿಖೆ ನಡೆಯುತ್ತಿದೆ ಎಂದು ವರದಿಯಾಗಿದೆ. ಇತ್ತೀಚೆಗೆ ನಡೆದ ಆಂತರಿಕ ಸಭೆಯಲ್ಲಿ ಜುಕರ್‌ಬರ್ಗ್ ನೀಡಿದ ಹೇಳಿಕೆಗಳು ಮಾಧ್ಯಮಗಳಲ್ಲಿ ಪ್ರಕಟವಾಗಿದ್ದವು. ಇದರ ನಂತರ ಕಂಪನಿ ಆಂತರಿಕ ತನಿಖೆ ಆರಂಭಿಸಿತ್ತು. ಮೆಟಾ ಈ ವರ್ಷದ ಆರಂಭದಲ್ಲಿ ಕಾರ್ಯಕ್ಷಮತೆಯ ಆಧಾರದ ಮೇಲೆ ಸುಮಾರು 3,600 ಉದ್ಯೋಗಿಗಳನ್ನು ವಜಾಗೊಳಿಸಲು ನಿರ್ಧರಿಸಿತ್ತು. ಮೆಟಾ ಕಂಪನಿಯ ಮುಖ್ಯಸ್ಥ ಮಾರ್ಕ್ ಜುಕರ್‌ಬರ್ಗ್ ಅವರು ಈ ಬಗ್ಗೆ ಉದ್ಯೋಗಿಗಳಿಗೆ ಮಾಹಿತಿ ನೀಡಿದ್ದರು. ಸದ್ಯ ಮೆಟಾ ಕಂಪನಿಯಲ್ಲಿ 72, 400ಕ್ಕೂ ಹೆಚ್ಚು ಉದ್ಯೋಗಿಗಳು ಕೆಲಸ ಮಾಡುತ್ತಿದ್ದಾರೆ. ಕೋವಿಡ್ 19 ಸಾಂಕ್ರಾಮಿಕದ ವೇಳೆ ಮೆಟಾ ಮಾರುಕಟ್ಟೆಯಲ್ಲಿ ಉದ್ಯೋಗಿಗಳ ಕಡಿತ ಮಾಡಿತ್ತು.
